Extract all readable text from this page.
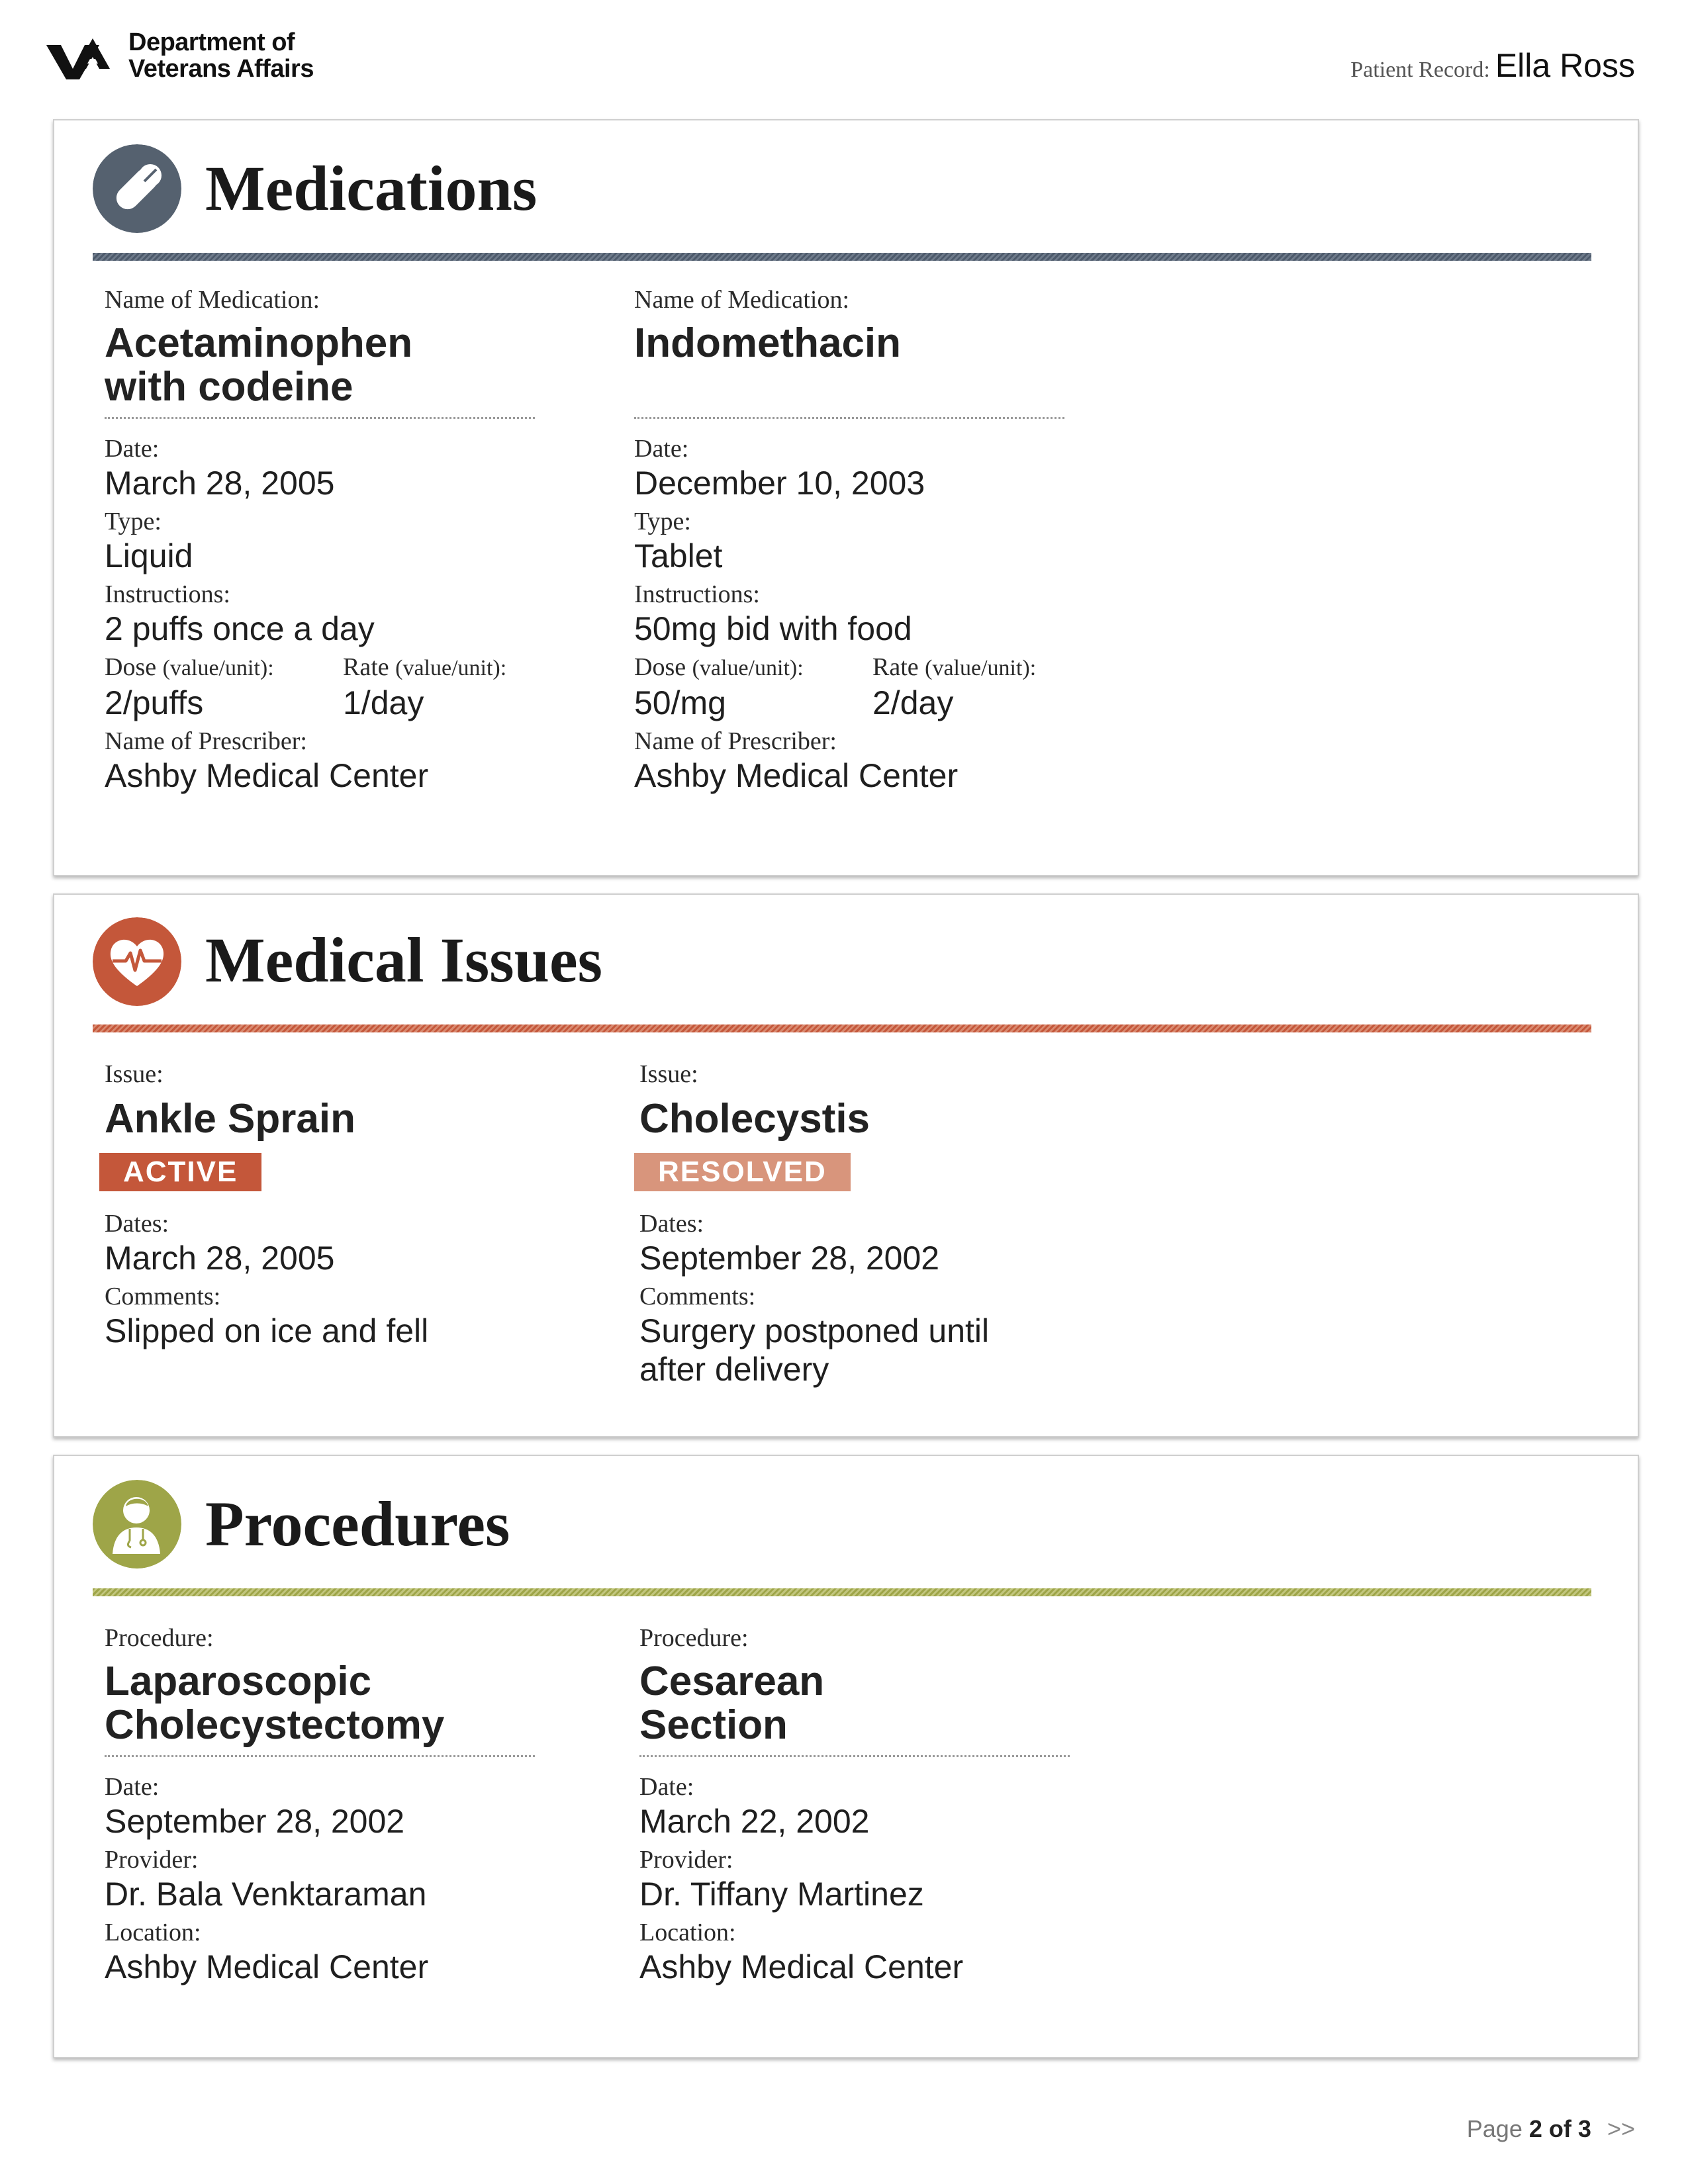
Department of
Veterans Affairs	Patient Record: Ella Ross
Medications
Name of Medication:
Acetaminophen
with codeine
Date:
March 28, 2005
Type:
Liquid
Instructions:
2 puffs once a day
Dose (value/unit):
2/puffs
Rate (value/unit):
1/day
Name of Prescriber:
Ashby Medical Center
Name of Medication:
Indomethacin
Date:
December 10, 2003
Type:
Tablet
Instructions:
50mg bid with food
Dose (value/unit):
50/mg
Rate (value/unit):
2/day
Name of Prescriber:
Ashby Medical Center
Medical Issues
Issue:
Ankle Sprain
ACTIVE
Dates:
March 28, 2005
Comments:
Slipped on ice and fell
Issue:
Cholecystis
RESOLVED
Dates:
September 28, 2002
Comments:
Surgery postponed until
after delivery
Procedures
Procedure:
Laparoscopic
Cholecystectomy
Date:
September 28, 2002
Provider:
Dr. Bala Venktaraman
Location:
Ashby Medical Center
Procedure:
Cesarean
Section
Date:
March 22, 2002
Provider:
Dr. Tiffany Martinez
Location:
Ashby Medical Center
Page 2 of 3 >>
